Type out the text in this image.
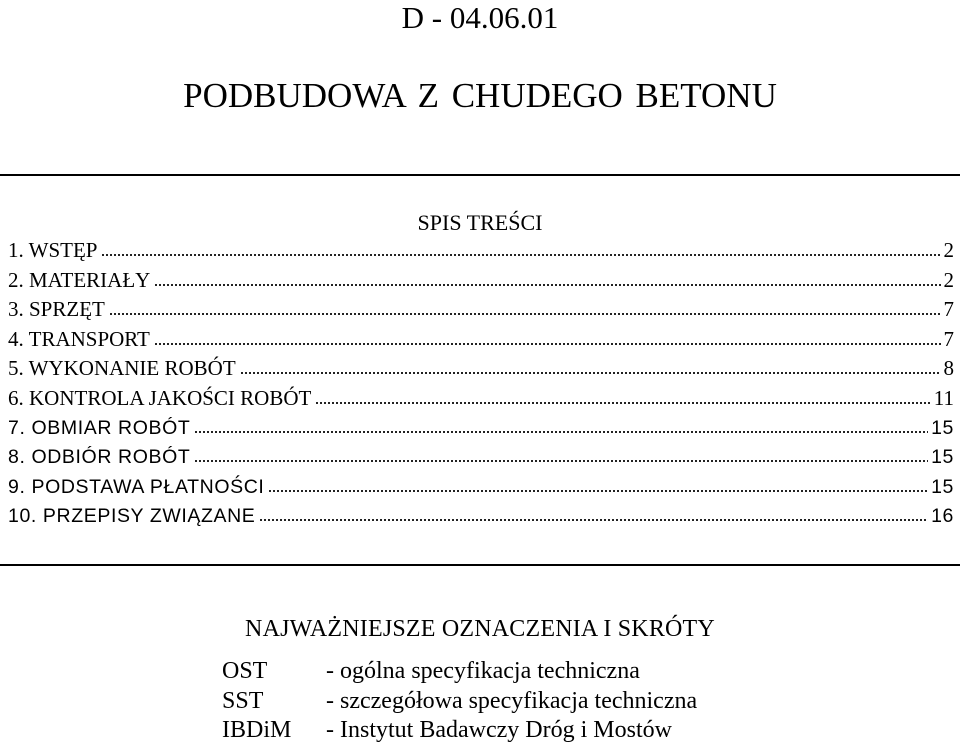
D - 04.06.01
PODBUDOWA Z CHUDEGO BETONU
SPIS TREŚCI
1. WSTĘP	2
2. MATERIAŁY	2
3. SPRZĘT	7
4. TRANSPORT	7
5. WYKONANIE ROBÓT	8
6. KONTROLA JAKOŚCI ROBÓT	11
7. OBMIAR ROBÓT	15
8. ODBIÓR ROBÓT	15
9. PODSTAWA PŁATNOŚCI	15
10. PRZEPISY ZWIĄZANE	16
NAJWAŻNIEJSZE OZNACZENIA I SKRÓTY
OST	- ogólna specyfikacja techniczna
SST	- szczegółowa specyfikacja techniczna
IBDiM	- Instytut Badawczy Dróg i Mostów
